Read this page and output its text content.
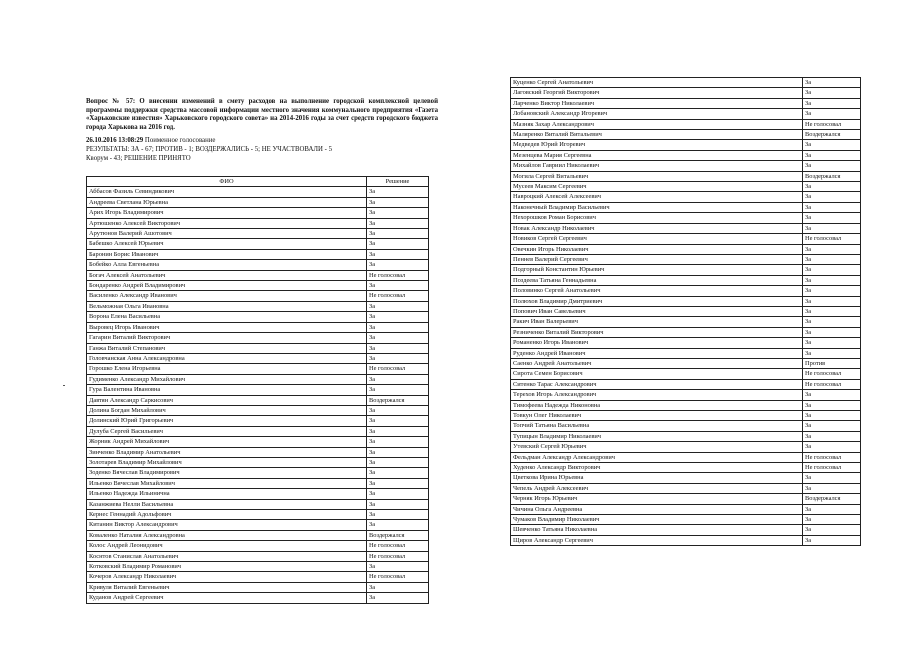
Вопрос № 57: О внесении изменений в смету расходов на выполнение городской комплексной целевой программы поддержки средства массовой информации местного значения коммунального предприятия «Газета «Харьковские известия» Харьковского городского совета» на 2014-2016 годы за счет средств городского бюджета города Харькова на 2016 год.
26.10.2016 13:08:29 Поименное голосование
РЕЗУЛЬТАТЫ: ЗА - 67; ПРОТИВ - 1; ВОЗДЕРЖАЛИСЬ - 5; НЕ УЧАСТВОВАЛИ - 5
Кворум - 43; РЕШЕНИЕ ПРИНЯТО
ФИО	Решение
Аббасов Фазиль Севиндикович	За
Андреева Светлана Юрьевна	За
Арих Игорь Владимирович	За
Артюшенко Алексей Викторович	За
Арутюнов Валерий Ашотович	За
Бабешко Алексей Юрьевич	За
Баронин Борис Иванович	За
Бобейко Алла Евгеньевна	За
Богач Алексей Анатольевич	Не голосовал
Бондаренко Андрей Владимирович	За
Василенко Александр Иванович	Не голосовал
Вельможная Ольга Ивановна	За
Ворона Елена Васильевна	За
Выровец Игорь Иванович	За
Гагарин Виталий Викторович	За
Ганжа Виталий Степанович	За
Головчанская Анна Александровна	За
Горошко Елена Игорьевна	Не голосовал
Гудименко Александр Михайлович	За
Гура Валентина Ивановна	За
Давтян Александр Саркисович	Воздержался
Долина Богдан Михайлович	За
Долинский Юрий Григорьевич	За
Дулуба Сергей Васильевич	За
Жорник Андрей Михайлович	За
Зинченко Владимир Анатольевич	За
Золотарев Владимир Михайлович	За
Зоденко Вячеслав Владимирович	За
Ильенко Вячеслав Михайлович	За
Ильенко Надежда Ильинична	За
Казанжиева Нелли Васильевна	За
Кернес Геннадий Адольфович	За
Китанин Виктор Александрович	За
Коваленко Наталия Александровна	Воздержался
Колос Андрей Леонидович	Не голосовал
Коснтов Станислав Анатольевич	Не голосовал
Котковский Владимир Романович	За
Кочеров Александр Николаевич	Не голосовал
Кривуля Виталий Евгеньевич	За
Куданов Андрей Сергеевич	За
Куценко Сергей Анатольевич	За
Лаговский Георгий Викторович	За
Ларченко Виктор Николаевич	За
Лобановский Александр Игоревич	За
Мазняк Захар Александрович	Не голосовал
Маляренко Виталий Витальевич	Воздержался
Медведев Юрий Игоревич	За
Мезенцева Мария Сергеевна	За
Михайлов Гавриил Николаевич	За
Могила Сергей Витальевич	Воздержался
Мусеев Максим Сергеевич	За
Навроцкий Алексей Алексеевич	За
Наконечный Владимир Васильевич	За
Нехорошков Роман Борисович	За
Новак Александр Николаевич	За
Новиков Сергей Сергеевич	Не голосовал
Овечкин Игорь Николаевич	За
Пеннев Валерий Сергеевич	За
Подгорный Константин Юрьевич	За
Поздеева Татьяна Геннадьевна	За
Половинко Сергей Анатольевич	За
Полюхов Владимир Дмитриевич	За
Попович Иван Савельевич	За
Ракич Иван Валерьевич	За
Резниченко Виталий Викторович	За
Романенко Игорь Иванович	За
Руденко Андрей Иванович	За
Саенко Андрей Анатольевич	Против
Сирота Семен Борисович	Не голосовал
Ситенко Тарас Александрович	Не голосовал
Терехов Игорь Александрович	За
Тимофеева Надежда Никоновна	За
Товкун Олег Николаевич	За
Топчий Татьяна Васильевна	За
Тупицын Владимир Николаевич	За
Утевский Сергей Юрьевич	За
Фельдман Александр Александрович	Не голосовал
Худенко Александр Викторович	Не голосовал
Цветкова Ирина Юрьевна	За
Чепель Андрей Алексеевич	За
Черняк Игорь Юрьевич	Воздержался
Чичина Ольга Андреевна	За
Чумаков Владимир Николаевич	За
Шевченко Татьяна Николаевна	За
Щиров Александр Сергеевич	За
